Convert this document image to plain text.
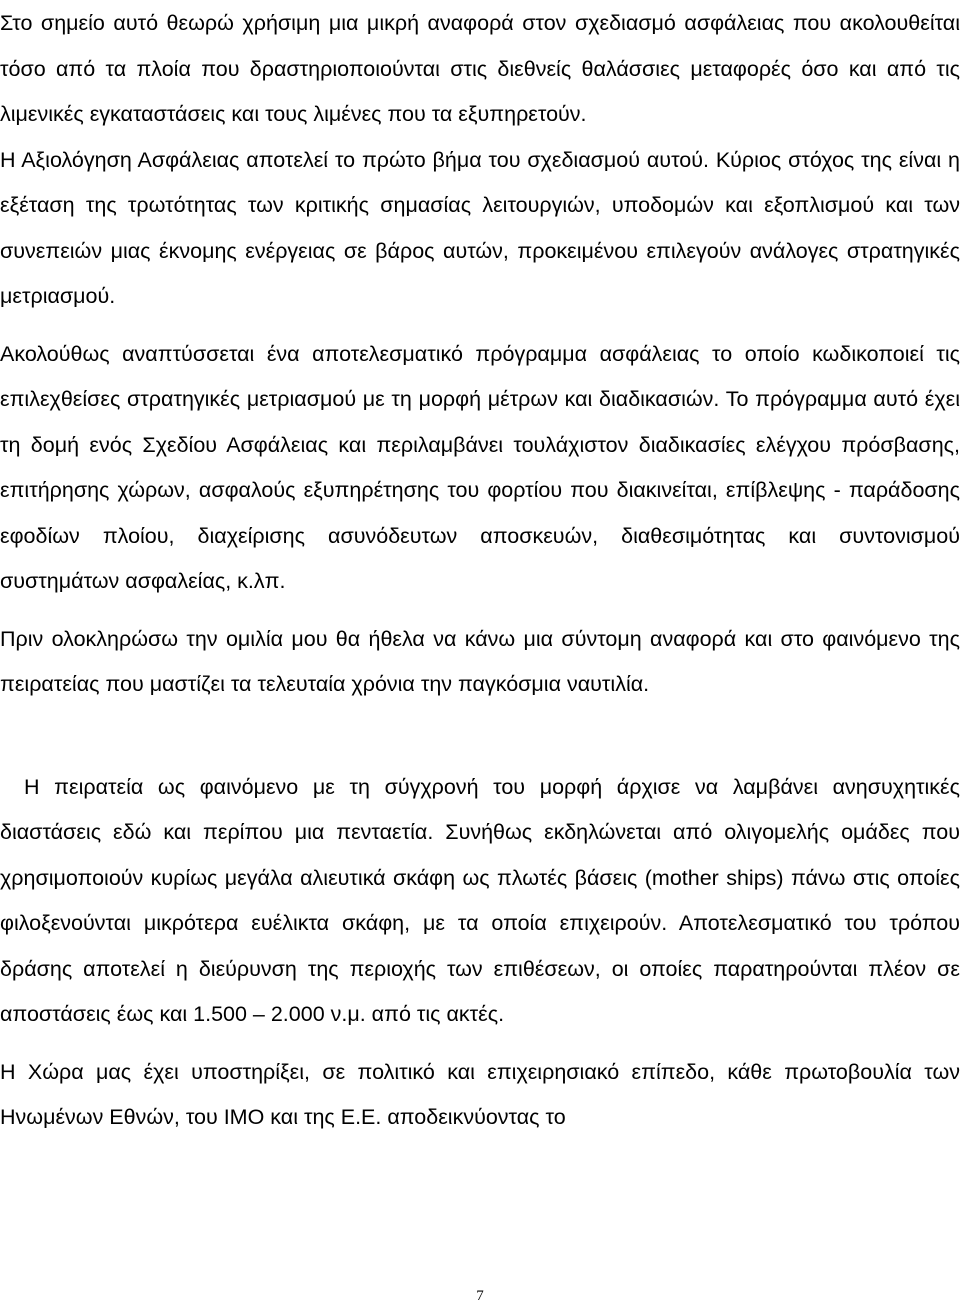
Στο σημείο αυτό θεωρώ χρήσιμη μια μικρή αναφορά στον σχεδιασμό ασφάλειας που ακολουθείται τόσο από τα πλοία που δραστηριοποιούνται στις διεθνείς θαλάσσιες μεταφορές όσο και από τις λιμενικές εγκαταστάσεις και τους λιμένες που τα εξυπηρετούν.

Η Αξιολόγηση Ασφάλειας αποτελεί το πρώτο βήμα του σχεδιασμού αυτού. Κύριος στόχος της είναι η εξέταση της τρωτότητας των κριτικής σημασίας λειτουργιών, υποδομών και εξοπλισμού και των συνεπειών μιας έκνομης ενέργειας σε βάρος αυτών, προκειμένου επιλεγούν ανάλογες στρατηγικές μετριασμού.

Ακολούθως αναπτύσσεται ένα αποτελεσματικό πρόγραμμα ασφάλειας το οποίο κωδικοποιεί τις επιλεχθείσες στρατηγικές μετριασμού με τη μορφή μέτρων και διαδικασιών. Το πρόγραμμα αυτό έχει τη δομή ενός Σχεδίου Ασφάλειας και περιλαμβάνει τουλάχιστον διαδικασίες ελέγχου πρόσβασης, επιτήρησης χώρων, ασφαλούς εξυπηρέτησης του φορτίου που διακινείται, επίβλεψης - παράδοσης εφοδίων πλοίου, διαχείρισης ασυνόδευτων αποσκευών, διαθεσιμότητας και συντονισμού συστημάτων ασφαλείας, κ.λπ.

Πριν ολοκληρώσω την ομιλία μου θα ήθελα να κάνω μια σύντομη αναφορά και στο φαινόμενο της πειρατείας που μαστίζει τα τελευταία χρόνια την παγκόσμια ναυτιλία.

Η πειρατεία ως φαινόμενο με τη σύγχρονή του μορφή άρχισε να λαμβάνει ανησυχητικές διαστάσεις εδώ και περίπου μια πενταετία. Συνήθως εκδηλώνεται από ολιγομελής ομάδες που χρησιμοποιούν κυρίως μεγάλα αλιευτικά σκάφη ως πλωτές βάσεις (mother ships) πάνω στις οποίες φιλοξενούνται μικρότερα ευέλικτα σκάφη, με τα οποία επιχειρούν. Αποτελεσματικό του τρόπου δράσης αποτελεί η διεύρυνση της περιοχής των επιθέσεων, οι οποίες παρατηρούνται πλέον σε αποστάσεις έως και 1.500 – 2.000 ν.μ. από τις ακτές.

Η Χώρα μας έχει υποστηρίξει, σε πολιτικό και επιχειρησιακό επίπεδο, κάθε πρωτοβουλία των Ηνωμένων Εθνών, του ΙΜΟ και της Ε.Ε. αποδεικνύοντας το

7
